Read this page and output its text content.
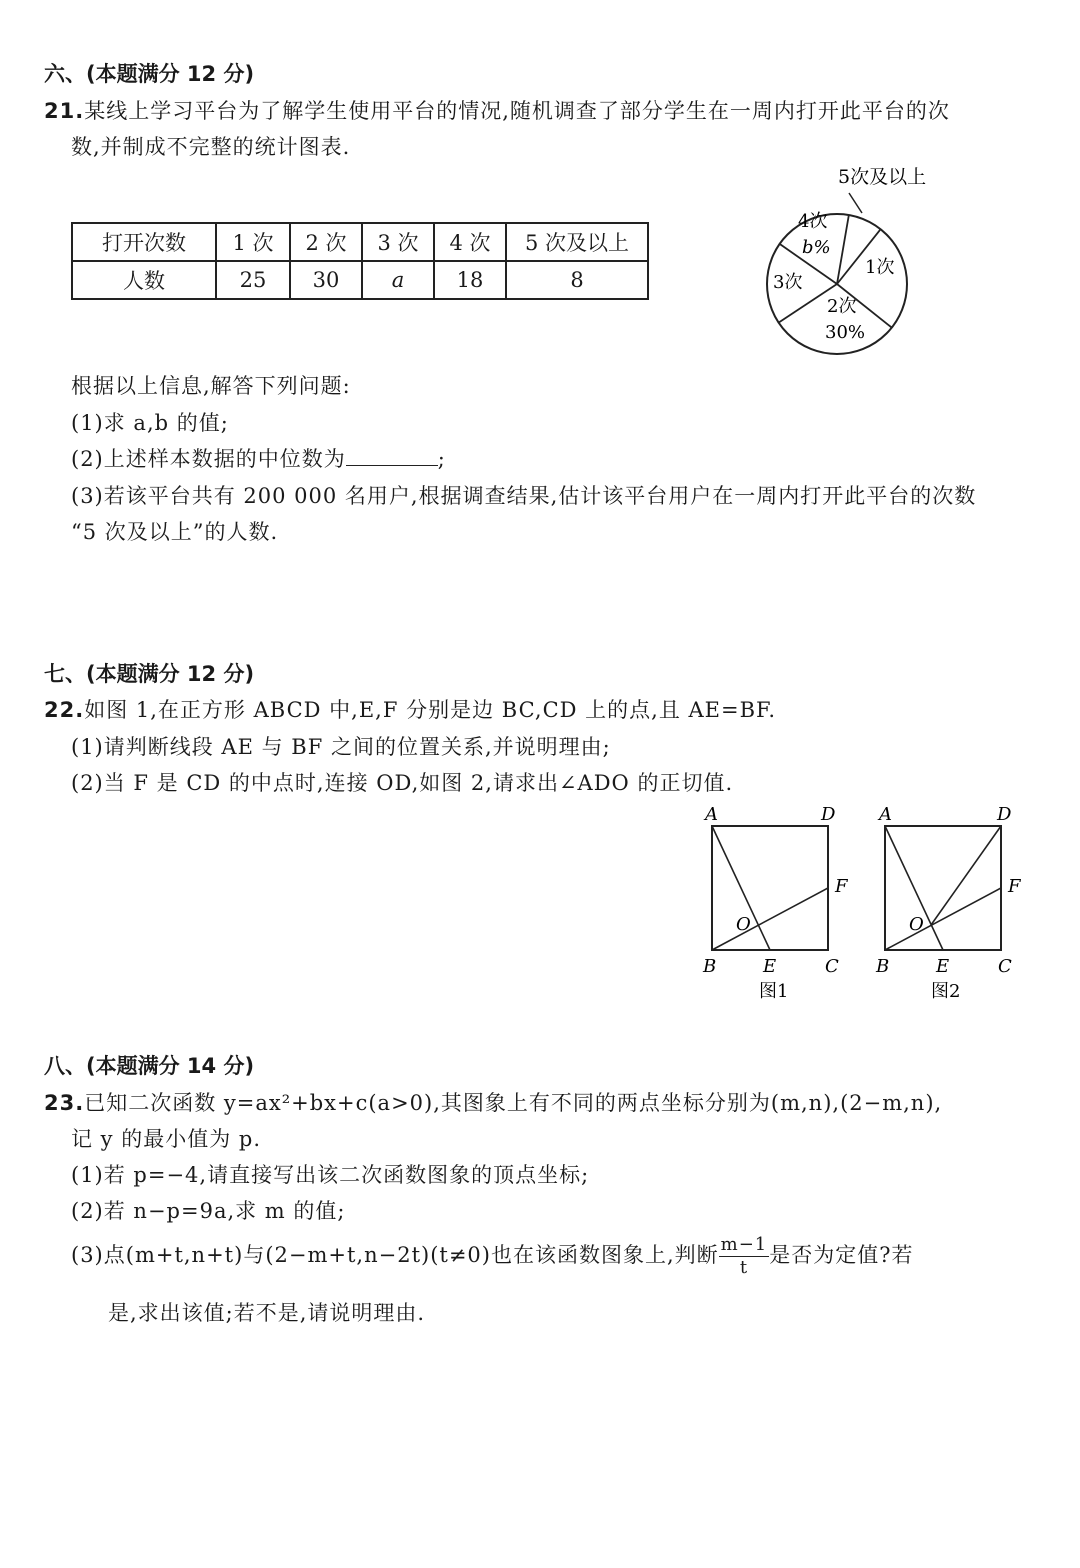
六、(本题满分 12 分)
21.某线上学习平台为了解学生使用平台的情况,随机调查了部分学生在一周内打开此平台的次
数,并制成不完整的统计图表.
打开次数	1 次	2 次	3 次	4 次	5 次及以上
人数	25	30	a	18	8
5次及以上
4次
b%
1次
3次
2次
30%
根据以上信息,解答下列问题:
(1)求 a,b 的值;
(2)上述样本数据的中位数为	;
(3)若该平台共有 200 000 名用户,根据调查结果,估计该平台用户在一周内打开此平台的次数
“5 次及以上”的人数.
七、(本题满分 12 分)
22.如图 1,在正方形 ABCD 中,E,F 分别是边 BC,CD 上的点,且 AE=BF.
(1)请判断线段 AE 与 BF 之间的位置关系,并说明理由;
(2)当 F 是 CD 的中点时,连接 OD,如图 2,请求出∠ADO 的正切值.
A	D
F
O
B	E	C
图1
A	D
F
O
B	E	C
图2
八、(本题满分 14 分)
23.已知二次函数 y=ax²+bx+c(a>0),其图象上有不同的两点坐标分别为(m,n),(2−m,n),
记 y 的最小值为 p.
(1)若 p=−4,请直接写出该二次函数图象的顶点坐标;
(2)若 n−p=9a,求 m 的值;
(3)点(m+t,n+t)与(2−m+t,n−2t)(t≠0)也在该函数图象上,判断 $\frac{m-1}{t}$ 是否为定值?若
是,求出该值;若不是,请说明理由.
